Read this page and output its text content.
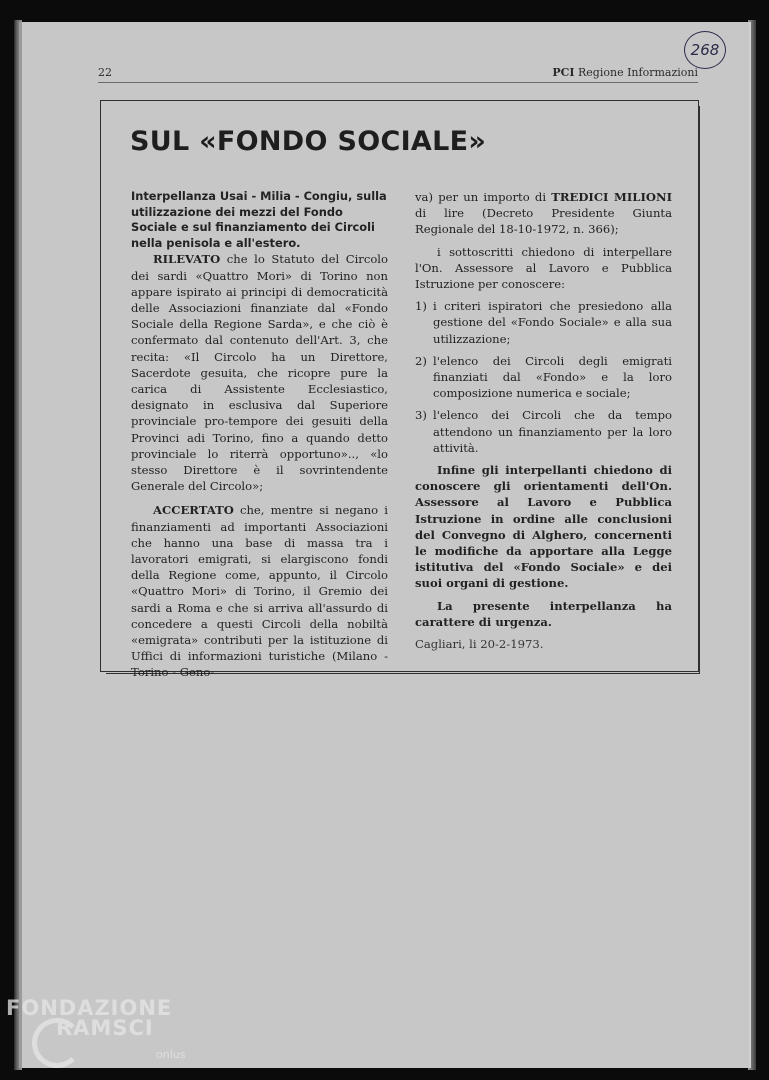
22	PCI Regione Informazioni
268
SUL «FONDO SOCIALE»

Interpellanza Usai - Milia - Congiu, sulla utilizzazione dei mezzi del Fondo Sociale e sul finanziamento dei Circoli nella penisola e all'estero.

RILEVATO che lo Statuto del Circolo dei sardi «Quattro Mori» di Torino non appare ispirato ai principi di democraticità delle Associazioni finanziate dal «Fondo Sociale della Regione Sarda», e che ciò è confermato dal contenuto dell'Art. 3, che recita: «Il Circolo ha un Direttore, Sacerdote gesuita, che ricopre pure la carica di Assistente Ecclesiastico, designato in esclusiva dal Superiore provinciale pro-tempore dei gesuiti della Provinci adi Torino, fino a quando detto provinciale lo riterrà opportuno».., «lo stesso Direttore è il sovrintendente Generale del Circolo»;

ACCERTATO che, mentre si negano i finanziamenti ad importanti Associazioni che hanno una base di massa tra i lavoratori emigrati, si elargiscono fondi della Regione come, appunto, il Circolo «Quattro Mori» di Torino, il Gremio dei sardi a Roma e che si arriva all'assurdo di concedere a questi Circoli della nobiltà «emigrata» contributi per la istituzione di Uffici di informazioni turistiche (Milano - Torino - Geno-

va) per un importo di TREDICI MILIONI di lire (Decreto Presidente Giunta Regionale del 18-10-1972, n. 366);

i sottoscritti chiedono di interpellare l'On. Assessore al Lavoro e Pubblica Istruzione per conoscere:

1) i criteri ispiratori che presiedono alla gestione del «Fondo Sociale» e alla sua utilizzazione;
2) l'elenco dei Circoli degli emigrati finanziati dal «Fondo» e la loro composizione numerica e sociale;
3) l'elenco dei Circoli che da tempo attendono un finanziamento per la loro attività.

Infine gli interpellanti chiedono di conoscere gli orientamenti dell'On. Assessore al Lavoro e Pubblica Istruzione in ordine alle conclusioni del Convegno di Alghero, concernenti le modifiche da apportare alla Legge istitutiva del «Fondo Sociale» e dei suoi organi di gestione.

La presente interpellanza ha carattere di urgenza.

Cagliari, li 20-2-1973.

FONDAZIONE
RAMSCI
onlus
